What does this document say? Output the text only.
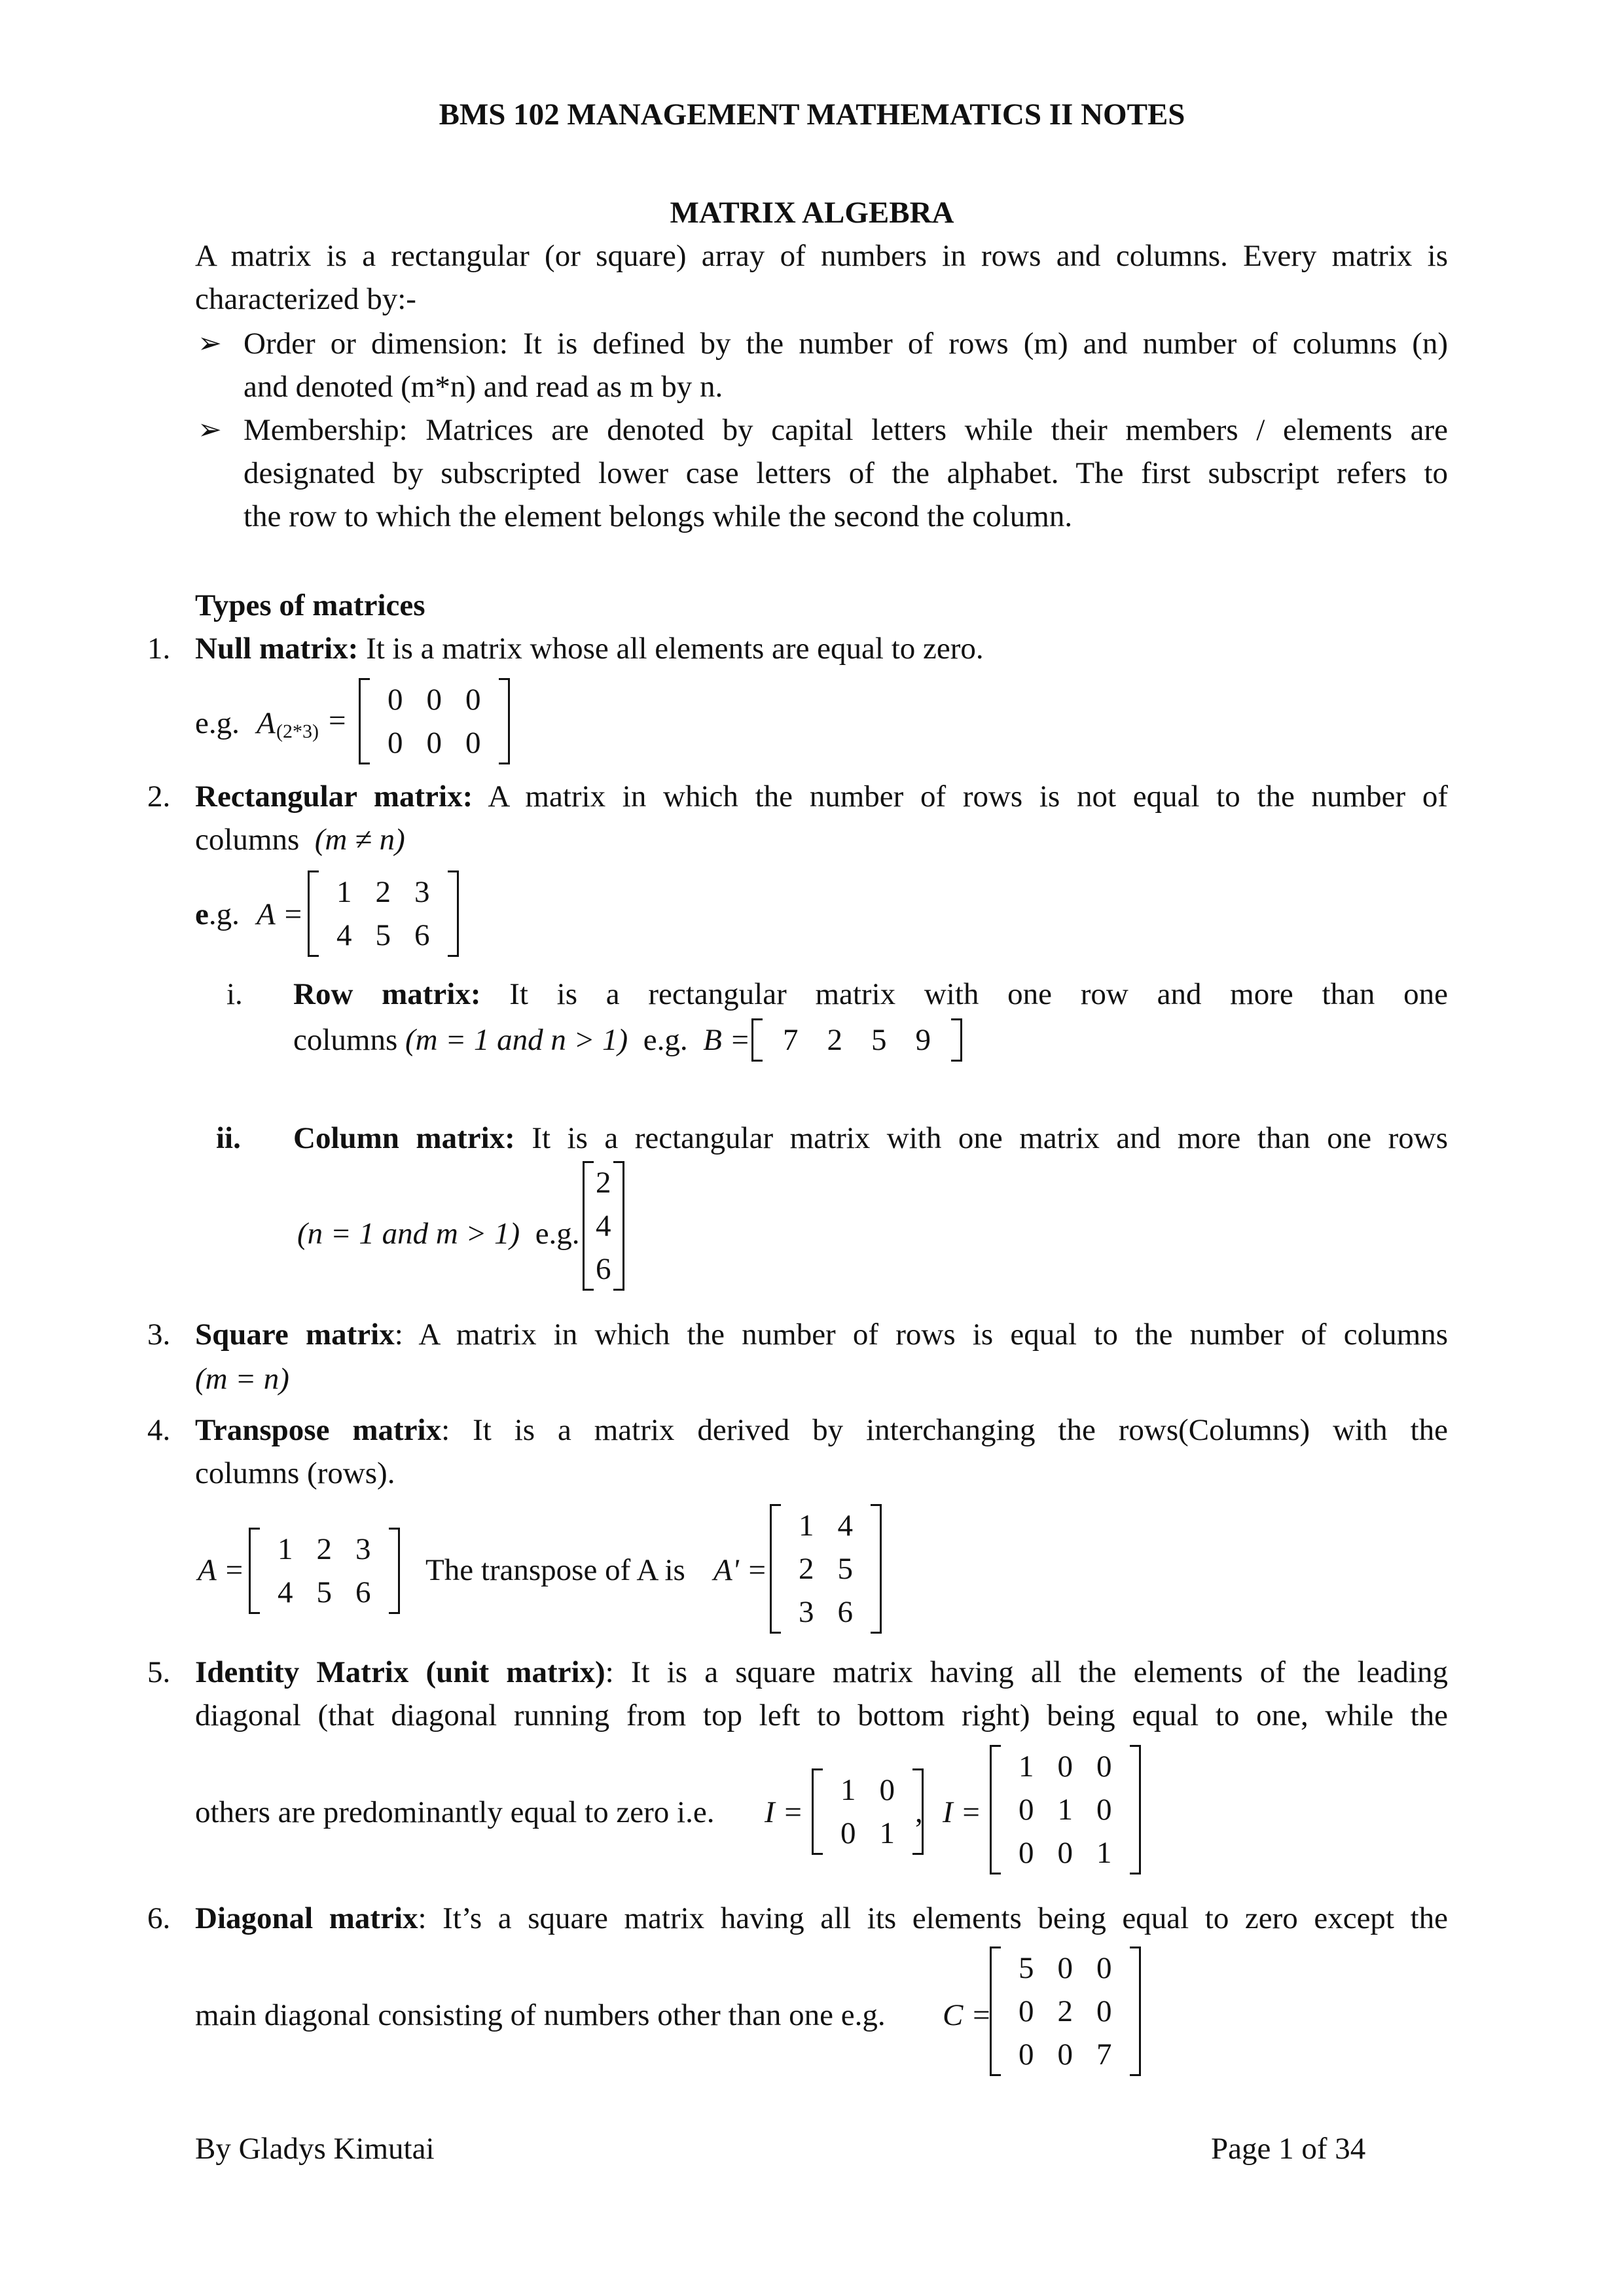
BMS 102 MANAGEMENT MATHEMATICS II NOTES
MATRIX ALGEBRA
A matrix is a rectangular (or square) array of numbers in rows and columns. Every matrix is
characterized by:-
➢ Order or dimension: It is defined by the number of rows (m) and number of columns (n)
and denoted (m*n) and read as m by n.
➢ Membership: Matrices are denoted by capital letters while their members / elements are
designated by subscripted lower case letters of the alphabet. The first subscript refers to
the row to which the element belongs while the second the column.
Types of matrices
1. Null matrix: It is a matrix whose all elements are equal to zero.
e.g. A (2*3) =
0	0	0
0	0	0
2. Rectangular matrix: A matrix in which the number of rows is not equal to the number of
columns (m ≠ n)
e.g. A =
1	2	3
4	5	6
i. Row matrix: It is a rectangular matrix with one row and more than one
columns (m = 1 and n > 1) e.g. B = 7	2	5	9
ii. Column matrix: It is a rectangular matrix with one matrix and more than one rows
(n = 1 and m > 1) e.g.
2
4
6
3. Square matrix: A matrix in which the number of rows is equal to the number of columns
(m = n)
4. Transpose matrix: It is a matrix derived by interchanging the rows(Columns) with the
columns (rows).
A =
1	2	3
4	5	6
The transpose of A is A' =
1	4
2	5
3	6
5. Identity Matrix (unit matrix): It is a square matrix having all the elements of the leading
diagonal (that diagonal running from top left to bottom right) being equal to one, while the
others are predominantly equal to zero i.e. I =
1	0
0	1
, I =
1	0	0
0	1	0
0	0	1
6. Diagonal matrix: It’s a square matrix having all its elements being equal to zero except the
main diagonal consisting of numbers other than one e.g. C =
5	0	0
0	2	0
0	0	7
By Gladys Kimutai	Page 1 of 34
